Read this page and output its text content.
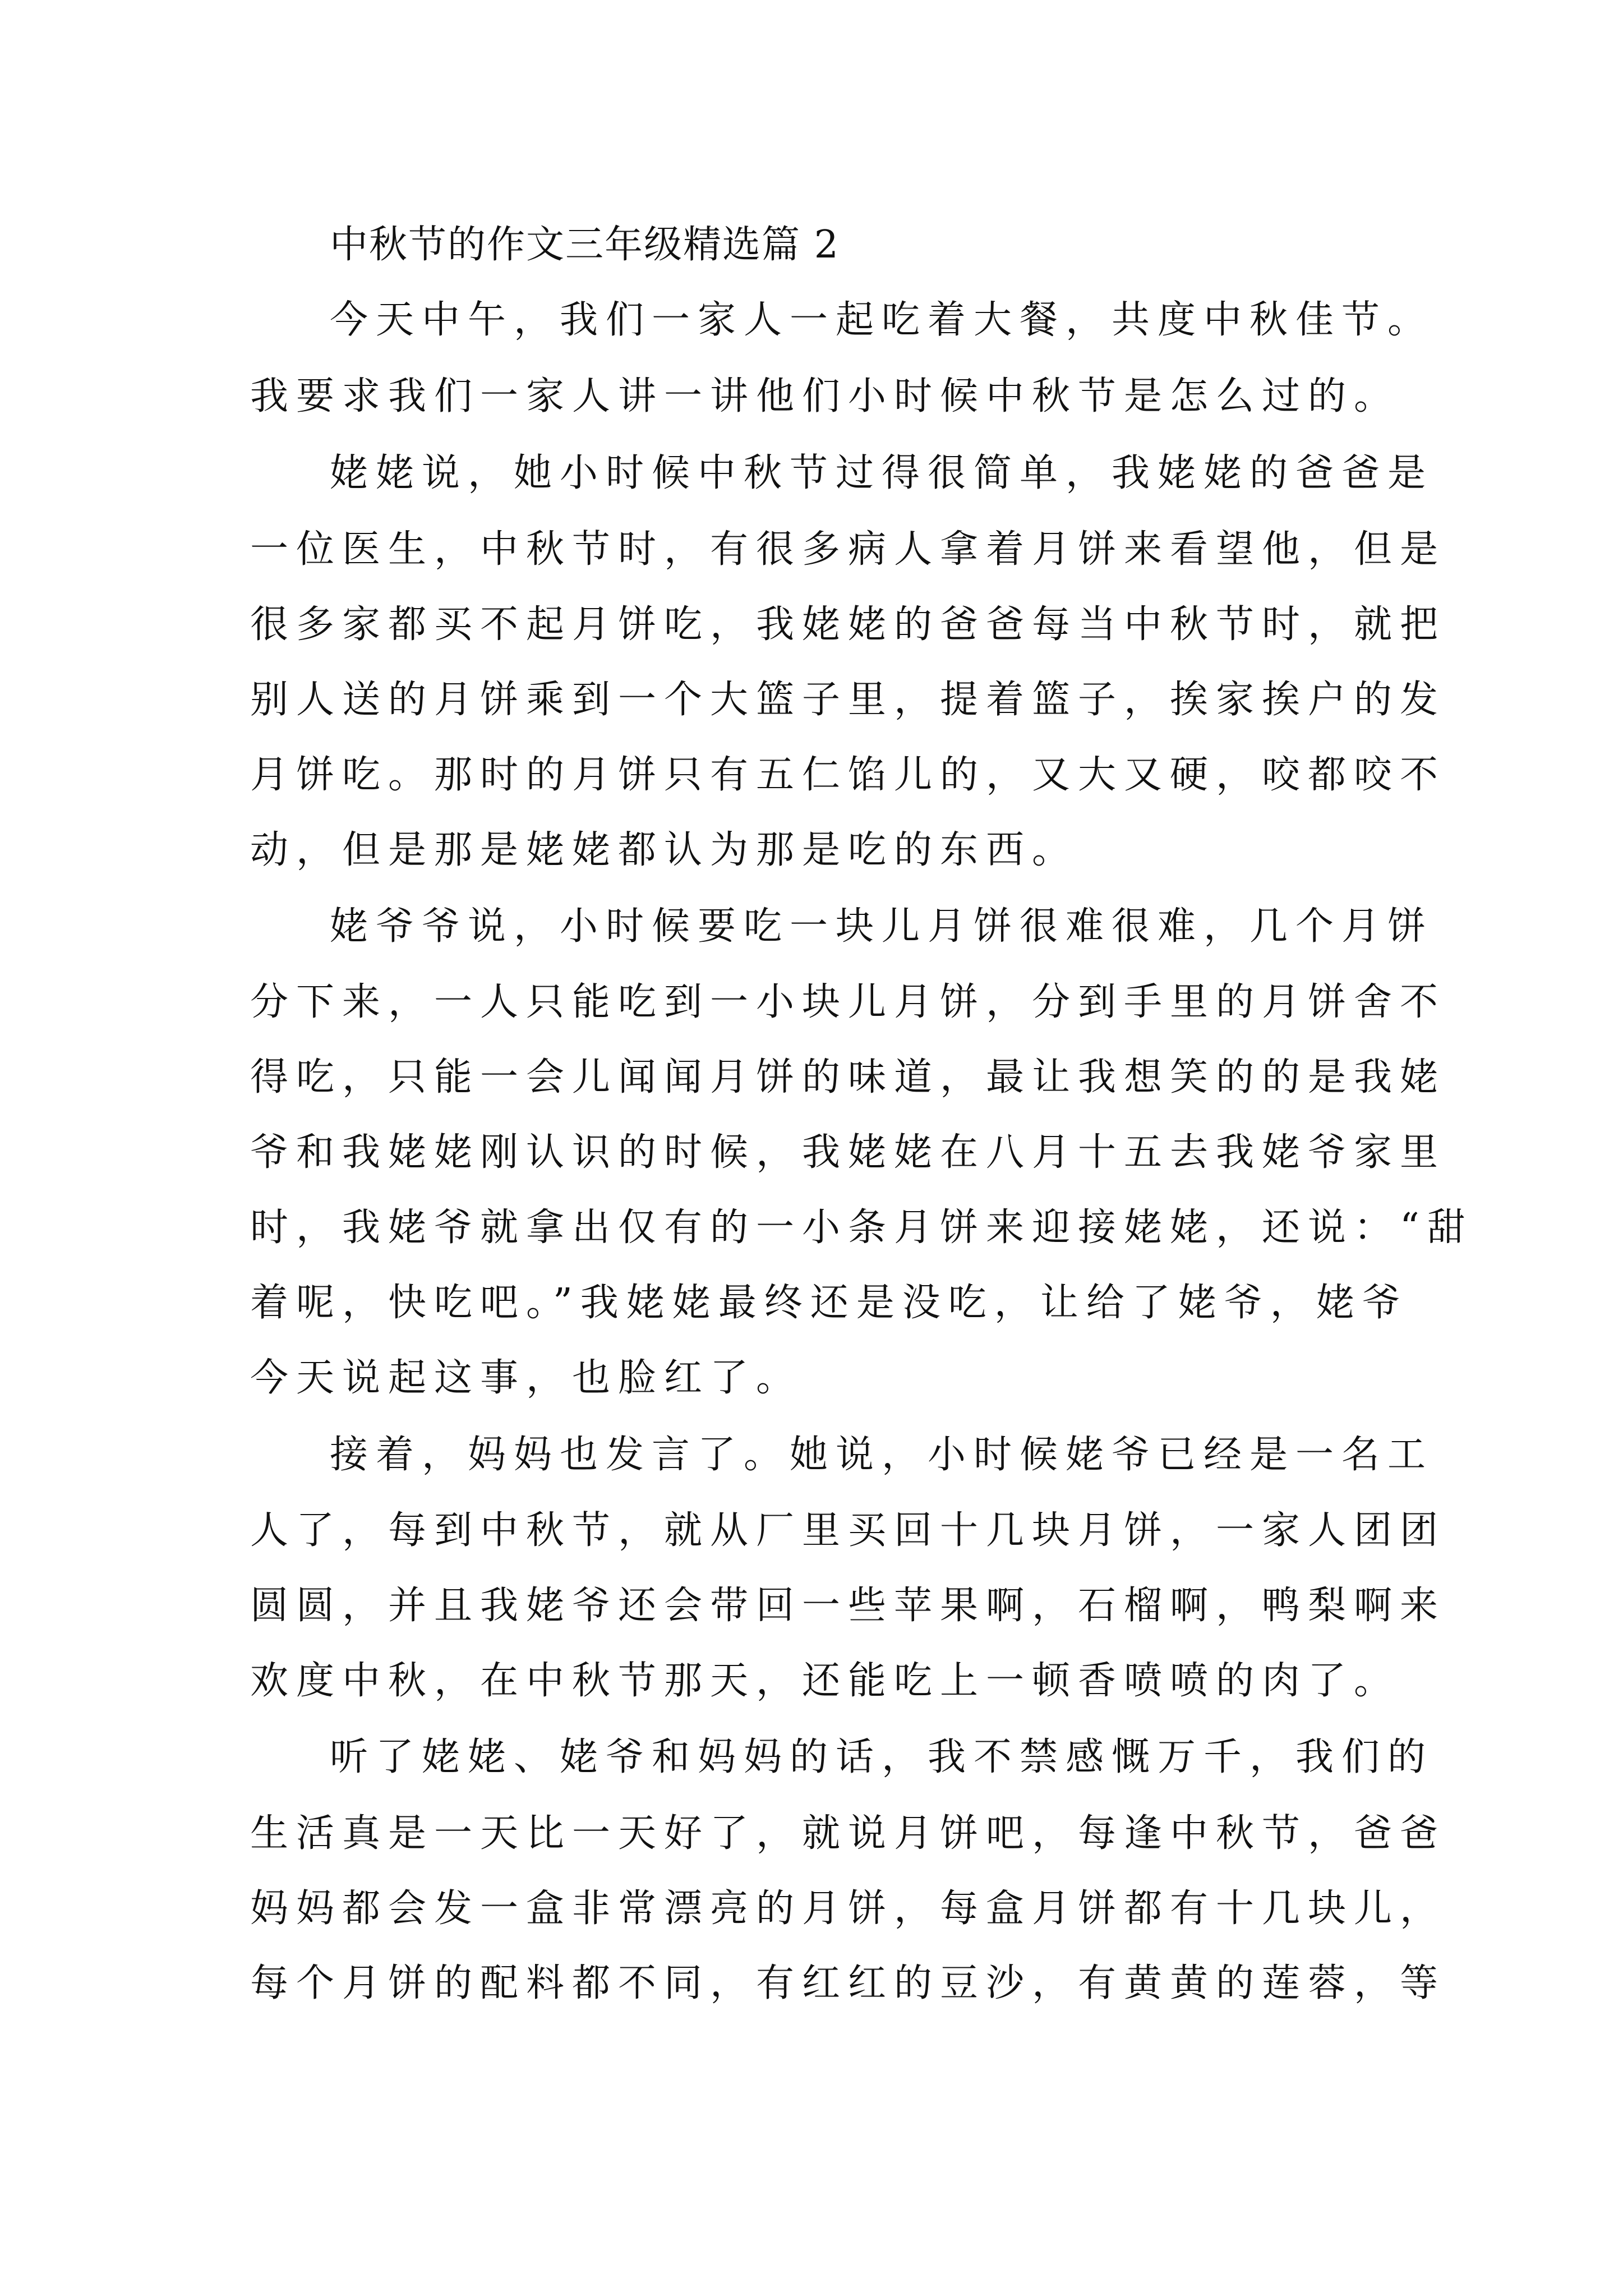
中秋节的作文三年级精选篇 2
今天中午，我们一家人一起吃着大餐，共度中秋佳节。
我要求我们一家人讲一讲他们小时候中秋节是怎么过的。
姥姥说，她小时候中秋节过得很简单，我姥姥的爸爸是
一位医生，中秋节时，有很多病人拿着月饼来看望他，但是
很多家都买不起月饼吃，我姥姥的爸爸每当中秋节时，就把
别人送的月饼乘到一个大篮子里，提着篮子，挨家挨户的发
月饼吃。那时的月饼只有五仁馅儿的，又大又硬，咬都咬不
动，但是那是姥姥都认为那是吃的东西。
姥爷爷说，小时候要吃一块儿月饼很难很难，几个月饼
分下来，一人只能吃到一小块儿月饼，分到手里的月饼舍不
得吃，只能一会儿闻闻月饼的味道，最让我想笑的的是我姥
爷和我姥姥刚认识的时候，我姥姥在八月十五去我姥爷家里
时，我姥爷就拿出仅有的一小条月饼来迎接姥姥，还说：“甜
着呢，快吃吧。”我姥姥最终还是没吃，让给了姥爷，姥爷
今天说起这事，也脸红了。
接着，妈妈也发言了。她说，小时候姥爷已经是一名工
人了，每到中秋节，就从厂里买回十几块月饼，一家人团团
圆圆，并且我姥爷还会带回一些苹果啊，石榴啊，鸭梨啊来
欢度中秋，在中秋节那天，还能吃上一顿香喷喷的肉了。
听了姥姥、姥爷和妈妈的话，我不禁感慨万千，我们的
生活真是一天比一天好了，就说月饼吧，每逢中秋节，爸爸
妈妈都会发一盒非常漂亮的月饼，每盒月饼都有十几块儿，
每个月饼的配料都不同，有红红的豆沙，有黄黄的莲蓉，等
